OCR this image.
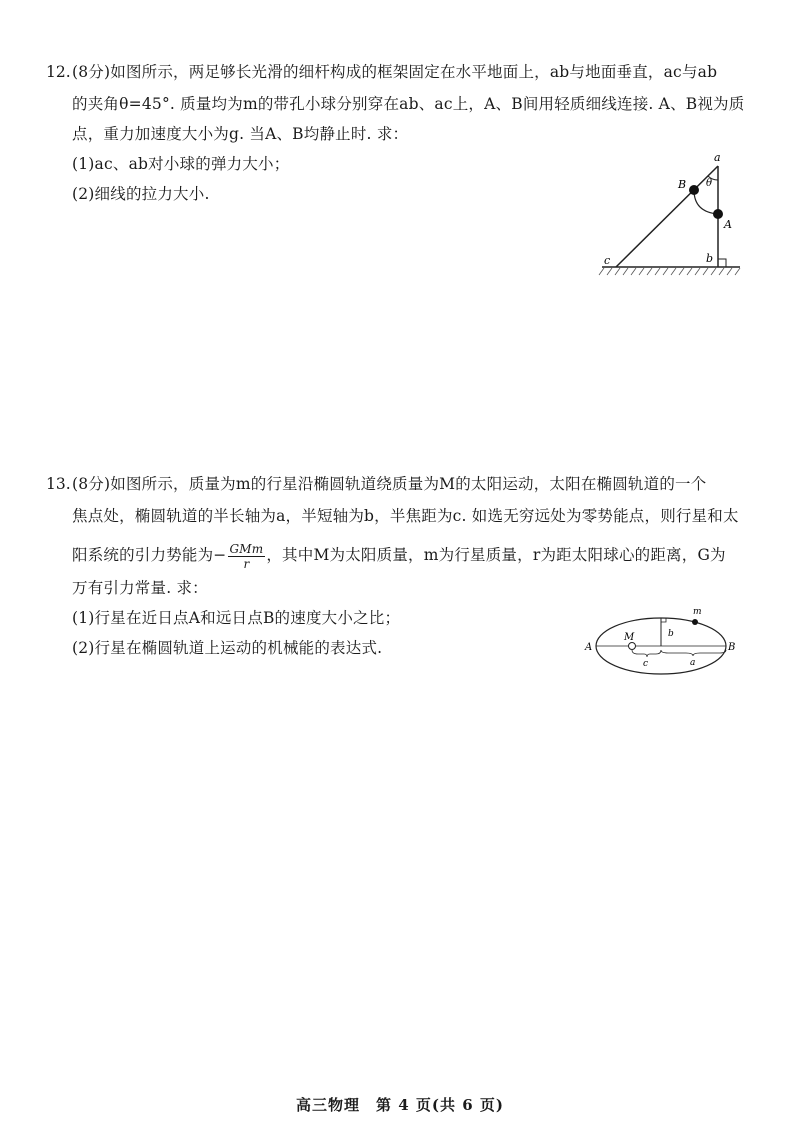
12. (8分)如图所示，两足够长光滑的细杆构成的框架固定在水平地面上，ab与地面垂直，ac与ab
的夹角θ=45°. 质量均为m的带孔小球分别穿在ab、ac上，A、B间用轻质细线连接. A、B视为质
点，重力加速度大小为g. 当A、B均静止时. 求：
(1)ac、ab对小球的弹力大小；
(2)细线的拉力大小.
a
b
c
A
B θ
13. (8分)如图所示，质量为m的行星沿椭圆轨道绕质量为M的太阳运动，太阳在椭圆轨道的一个
焦点处，椭圆轨道的半长轴为a，半短轴为b，半焦距为c. 如选无穷远处为零势能点，则行星和太
阳系统的引力势能为− $\frac{\text{GMm}}{r}$ ，其中M为太阳质量，m为行星质量，r为距太阳球心的距离，G为
万有引力常量. 求：
(1)行星在近日点A和远日点B的速度大小之比；
(2)行星在椭圆轨道上运动的机械能的表达式.	A	B
M
m
b
c	a
高三物理　第 4 页(共 6 页)
